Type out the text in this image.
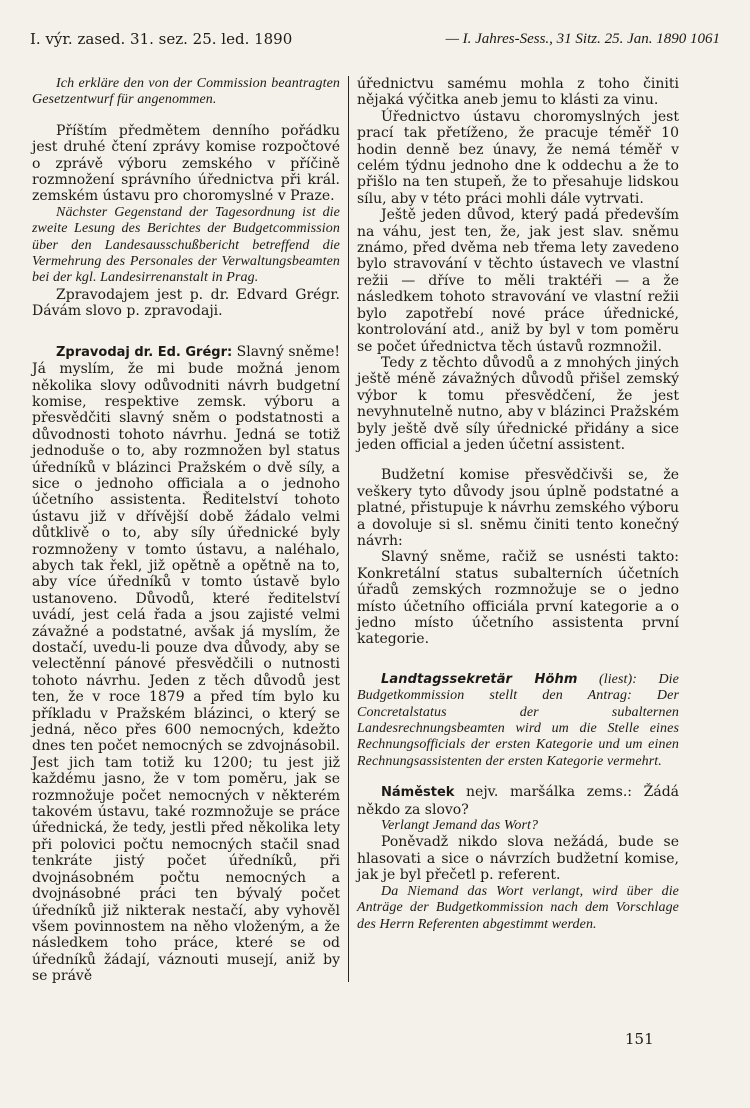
I. výr. zased. 31. sez. 25. led. 1890	— I. Jahres-Sess., 31 Sitz. 25. Jan. 1890 1061

Ich erkläre den von der Commission beantragten Gesetzentwurf für angenommen.

Příštím předmětem denního pořádku jest druhé čtení zprávy komise rozpočtové o zprávě výboru zemského v příčině rozmnožení správního úřednictva při král. zemském ústavu pro choromyslné v Praze.

Nächster Gegenstand der Tagesordnung ist die zweite Lesung des Berichtes der Budgetcommission über den Landesausschußbericht betreffend die Vermehrung des Personales der Verwaltungsbeamten bei der kgl. Landesirrenanstalt in Prag.

Zpravodajem jest p. dr. Edvard Grégr. Dávám slovo p. zpravodaji.

Zpravodaj dr. Ed. Grégr: Slavný sněme! Já myslím, že mi bude možná jenom několika slovy odůvodniti návrh budgetní komise, respektive zemsk. výboru a přesvědčiti slavný sněm o podstatnosti a důvodnosti tohoto návrhu. Jedná se totiž jednoduše o to, aby rozmnožen byl status úředníků v blázinci Pražském o dvě síly, a sice o jednoho officiala a o jednoho účetního assistenta. Ředitelství tohoto ústavu již v dřívější době žádalo velmi důtklivě o to, aby síly úřednické byly rozmnoženy v tomto ústavu, a naléhalo, abych tak řekl, již opětně a opětně na to, aby více úředníků v tomto ústavě bylo ustanoveno. Důvodů, které ředitelství uvádí, jest celá řada a jsou zajisté velmi závažné a podstatné, avšak já myslím, že dostačí, uvedu-li pouze dva důvody, aby se velectěnní pánové přesvědčili o nutnosti tohoto návrhu. Jeden z těch důvodů jest ten, že v roce 1879 a před tím bylo ku příkladu v Pražském blázinci, o který se jedná, něco přes 600 nemocných, kdežto dnes ten počet nemocných se zdvojnásobil. Jest jich tam totiž ku 1200; tu jest již každému jasno, že v tom poměru, jak se rozmnožuje počet nemocných v některém takovém ústavu, také rozmnožuje se práce úřednická, že tedy, jestli před několika lety při polovici počtu nemocných stačil snad tenkráte jistý počet úředníků, při dvojnásobném počtu nemocných a dvojnásobné práci ten bývalý počet úředníků již nikterak nestačí, aby vyhověl všem povinnostem na něho vloženým, a že následkem toho práce, které se od úředníků žádají, váznouti musejí, aniž by se právě

úřednictvu samému mohla z toho činiti nějaká výčitka aneb jemu to klásti za vinu.

Úřednictvo ústavu choromyslných jest prací tak přetíženo, že pracuje téměř 10 hodin denně bez únavy, že nemá téměř v celém týdnu jednoho dne k oddechu a že to přišlo na ten stupeň, že to přesahuje lidskou sílu, aby v této práci mohli dále vytrvati.

Ještě jeden důvod, který padá především na váhu, jest ten, že, jak jest slav. sněmu známo, před dvěma neb třema lety zavedeno bylo stravování v těchto ústavech ve vlastní režii — dříve to měli traktéři — a že následkem tohoto stravování ve vlastní režii bylo zapotřebí nové práce úřednické, kontrolování atd., aniž by byl v tom poměru se počet úřednictva těch ústavů rozmnožil.

Tedy z těchto důvodů a z mnohých jiných ještě méně závažných důvodů přišel zemský výbor k tomu přesvědčení, že jest nevyhnutelně nutno, aby v blázinci Pražském byly ještě dvě síly úřednické přidány a sice jeden official a jeden účetní assistent.

Budžetní komise přesvědčivši se, že veškery tyto důvody jsou úplně podstatné a platné, přistupuje k návrhu zemského výboru a dovoluje si sl. sněmu činiti tento konečný návrh:

Slavný sněme, račiž se usnésti takto: Konkretální status subalterních účetních úřadů zemských rozmnožuje se o jedno místo účetního officiála první kategorie a o jedno místo účetního assistenta první kategorie.

Landtagssekretär Höhm (liest): Die Budgetkommission stellt den Antrag: Der Concretalstatus der subalternen Landesrechnungsbeamten wird um die Stelle eines Rechnungsofficials der ersten Kategorie und um einen Rechnungsassistenten der ersten Kategorie vermehrt.

Náměstek nejv. maršálka zems.: Žádá někdo za slovo?

Verlangt Jemand das Wort?

Poněvadž nikdo slova nežádá, bude se hlasovati a sice o návrzích budžetní komise, jak je byl přečetl p. referent.

Da Niemand das Wort verlangt, wird über die Anträge der Budgetkommission nach dem Vorschlage des Herrn Referenten abgestimmt werden.

151
